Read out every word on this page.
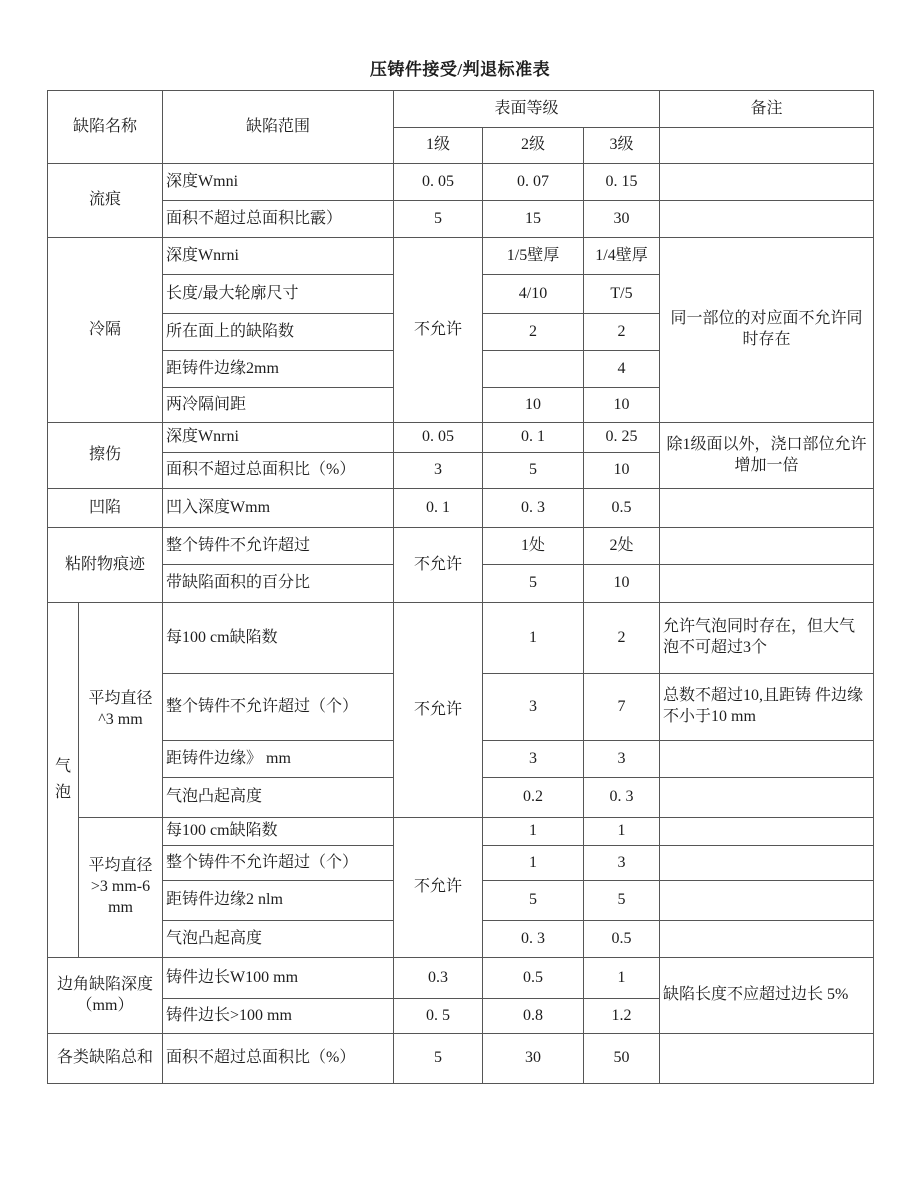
压铸件接受/判退标准表
缺陷名称		缺陷范围	表面等级			备注
			1级	2级	3级	
流痕		深度Wmni	0. 05	0. 07	0. 15	
		面积不超过总面积比霰）	5	15	30	
冷隔		深度Wnrni	不允许	1/5壁厚	1/4壁厚	同一部位的对应面不允许同时存在
		长度/最大轮廓尺寸		4/10	T/5	
		所在面上的缺陷数		2	2	
		距铸件边缘2mm			4	
		两冷隔间距		10	10	
擦伤		深度Wnrni	0. 05	0. 1	0. 25	除1级面以外，浇口部位允许增加一倍
		面积不超过总面积比（%）	3	5	10	
凹陷		凹入深度Wmm	0. 1	0. 3	0.5	
粘附物痕迹		整个铸件不允许超过	不允许	1处	2处	
		带缺陷面积的百分比		5	10	
气泡	平均直径^3 mm	每100 cm缺陷数	不允许	1	2	允许气泡同时存在，但大气泡不可超过3个
		整个铸件不允许超过（个）		3	7	总数不超过10,且距铸 件边缘不小于10 mm
		距铸件边缘》 mm		3	3	
		气泡凸起高度		0.2	0. 3	
	平均直径>3 mm-6 mm	每100 cm缺陷数	不允许	1	1	
		整个铸件不允许超过（个）		1	3	
		距铸件边缘2 nlm		5	5	
		气泡凸起高度		0. 3	0.5	
边角缺陷深度（mm）		铸件边长W100 mm	0.3	0.5	1	缺陷长度不应超过边长 5%
		铸件边长>100 mm	0. 5	0.8	1.2	
各类缺陷总和		面积不超过总面积比（%）	5	30	50	
